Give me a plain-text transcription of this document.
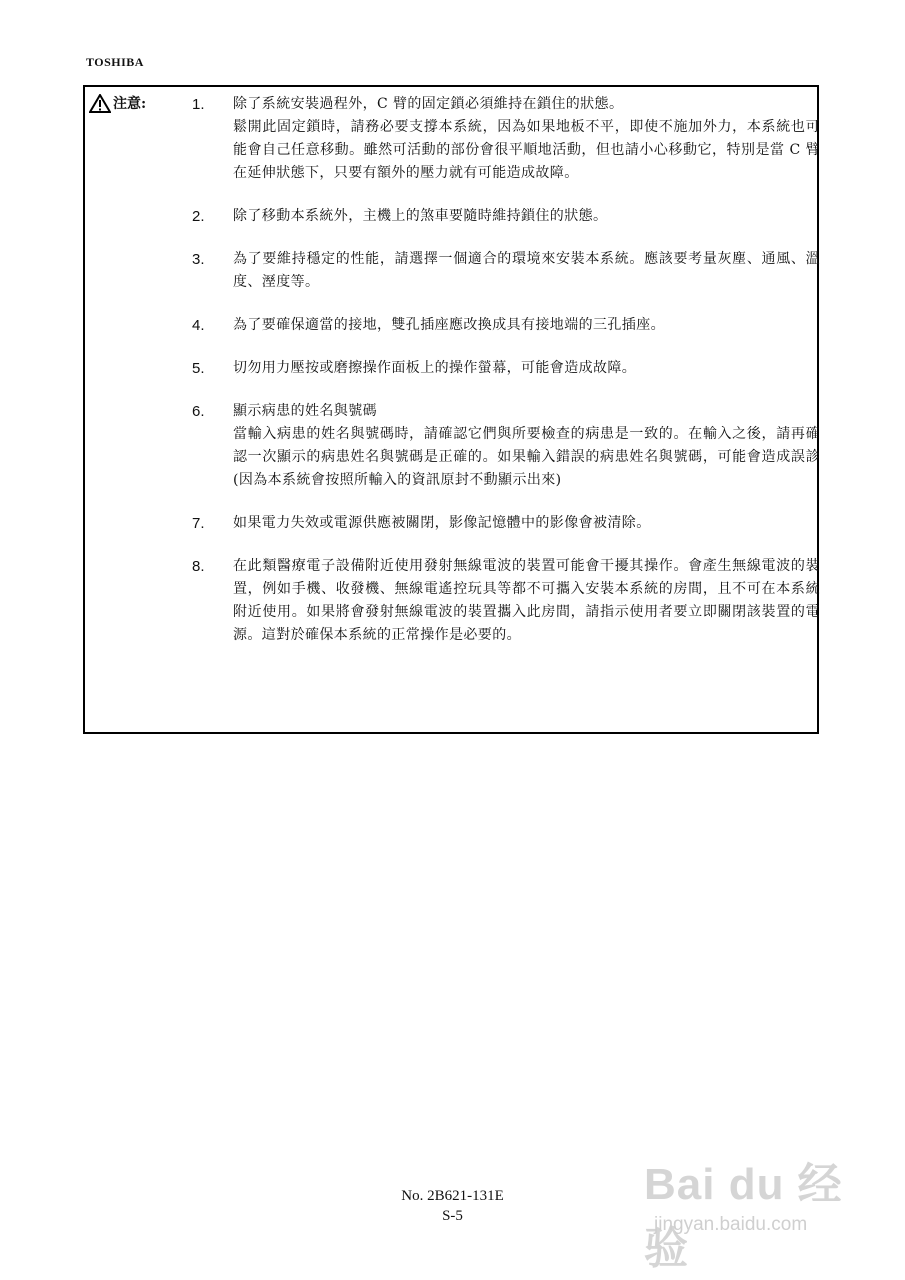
TOSHIBA
注意:	1.	除了系統安裝過程外，C 臂的固定鎖必須維持在鎖住的狀態。
鬆開此固定鎖時，請務必要支撐本系統，因為如果地板不平，即使不施加外力，本系統也可能會自己任意移動。雖然可活動的部份會很平順地活動，但也請小心移動它，特別是當 C 臂在延伸狀態下，只要有額外的壓力就有可能造成故障。
2.	除了移動本系統外，主機上的煞車要隨時維持鎖住的狀態。
3.	為了要維持穩定的性能，請選擇一個適合的環境來安裝本系統。應該要考量灰塵、通風、溫度、溼度等。
4.	為了要確保適當的接地，雙孔插座應改換成具有接地端的三孔插座。
5.	切勿用力壓按或磨擦操作面板上的操作螢幕，可能會造成故障。
6.	顯示病患的姓名與號碼
當輸入病患的姓名與號碼時，請確認它們與所要檢查的病患是一致的。在輸入之後，請再確認一次顯示的病患姓名與號碼是正確的。如果輸入錯誤的病患姓名與號碼，可能會造成誤診(因為本系統會按照所輸入的資訊原封不動顯示出來)
7.	如果電力失效或電源供應被關閉，影像記憶體中的影像會被清除。
8.	在此類醫療電子設備附近使用發射無線電波的裝置可能會干擾其操作。會產生無線電波的裝置，例如手機、收發機、無線電遙控玩具等都不可攜入安裝本系統的房間，且不可在本系統附近使用。如果將會發射無線電波的裝置攜入此房間，請指示使用者要立即關閉該裝置的電源。這對於確保本系統的正常操作是必要的。
No. 2B621-131E
S-5
Bai du 经验
jingyan.baidu.com
